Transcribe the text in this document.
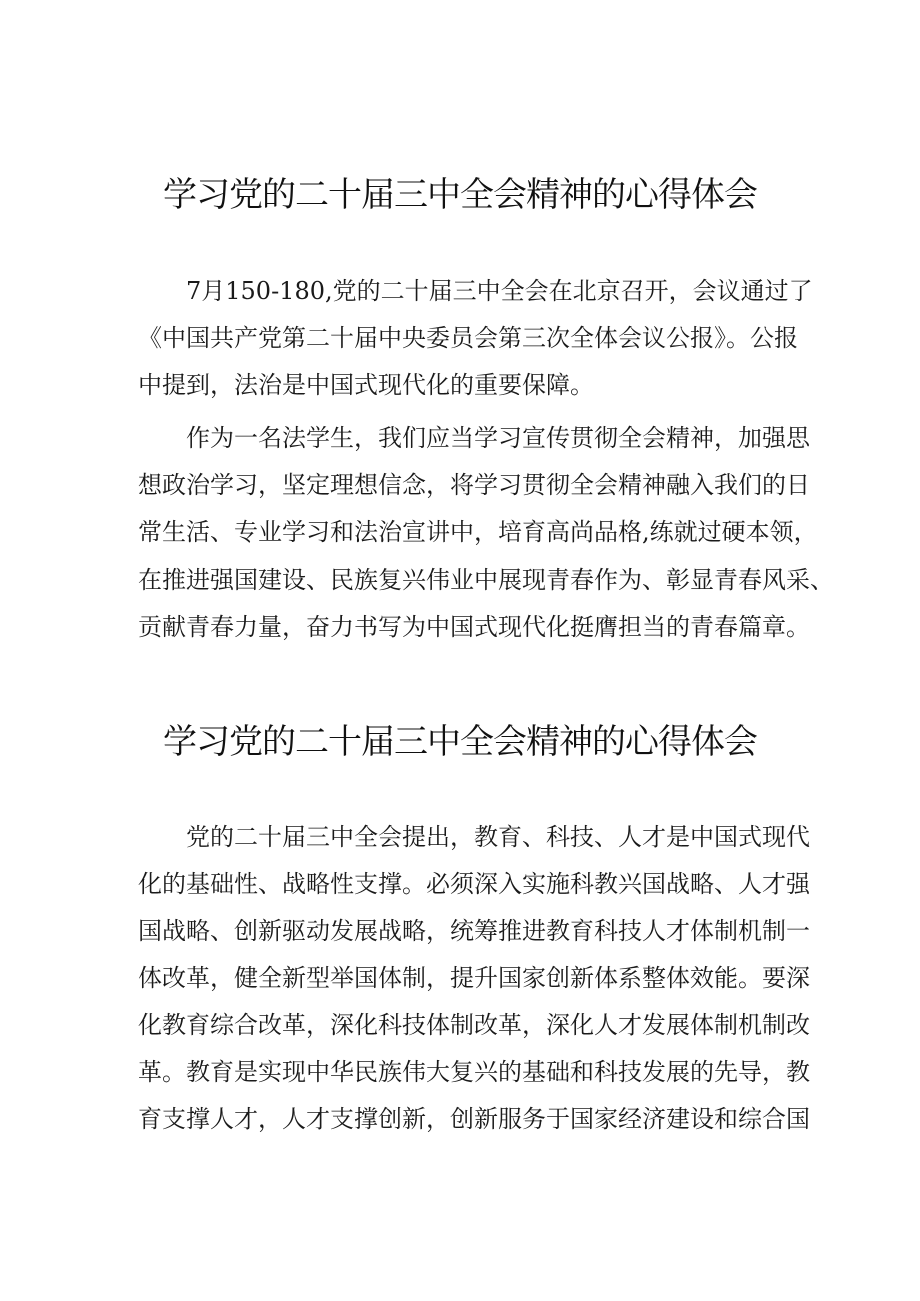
学习党的二十届三中全会精神的心得体会
7月150-180,党的二十届三中全会在北京召开，会议通过了
《中国共产党第二十届中央委员会第三次全体会议公报》。公报
中提到，法治是中国式现代化的重要保障。
作为一名法学生，我们应当学习宣传贯彻全会精神，加强思
想政治学习，坚定理想信念，将学习贯彻全会精神融入我们的日
常生活、专业学习和法治宣讲中，培育高尚品格,练就过硬本领，
在推进强国建设、民族复兴伟业中展现青春作为、彰显青春风采、
贡献青春力量，奋力书写为中国式现代化挺膺担当的青春篇章。
学习党的二十届三中全会精神的心得体会
党的二十届三中全会提出，教育、科技、人才是中国式现代
化的基础性、战略性支撑。必须深入实施科教兴国战略、人才强
国战略、创新驱动发展战略，统筹推进教育科技人才体制机制一
体改革，健全新型举国体制，提升国家创新体系整体效能。要深
化教育综合改革，深化科技体制改革，深化人才发展体制机制改
革。教育是实现中华民族伟大复兴的基础和科技发展的先导，教
育支撑人才，人才支撑创新，创新服务于国家经济建设和综合国
